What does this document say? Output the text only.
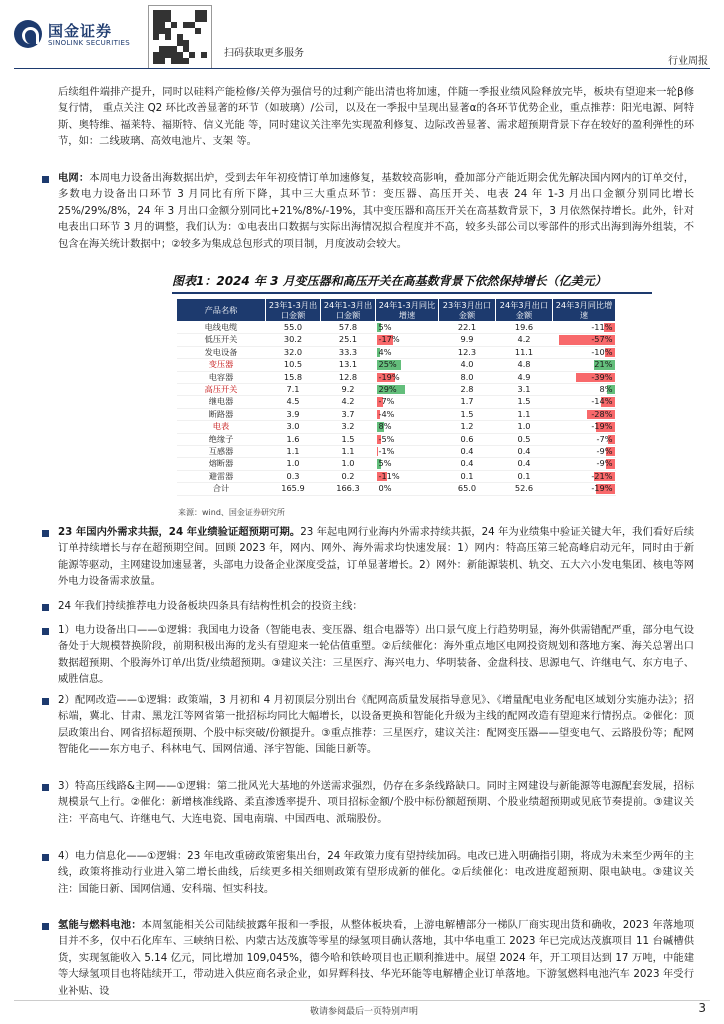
国金证券
SINOLINK SECURITIES
扫码获取更多服务
行业周报
后续组件端排产提升，同时以硅料产能检修/关停为强信号的过剩产能出清也将加速，伴随一季报业绩风险释放完毕，板块有望迎来一轮β修复行情， 重点关注 Q2 环比改善显著的环节（如玻璃）/公司，以及在一季报中呈现出显著α的各环节优势企业，重点推荐：阳光电源、阿特斯、奥特维、福莱特、福斯特、信义光能 等，同时建议关注率先实现盈利修复、边际改善显著、需求超预期背景下存在较好的盈利弹性的环节，如：二线玻璃、高效电池片、支架 等。
电网：本周电力设备出海数据出炉，受到去年年初疫情订单加速修复，基数较高影响，叠加部分产能近期会优先解决国内网内的订单交付，多数电力设备出口环节 3 月同比有所下降，其中三大重点环节：变压器、高压开关、电表 24 年 1-3 月出口金额分别同比增长 25%/29%/8%，24 年 3 月出口金额分别同比+21%/8%/-19%，其中变压器和高压开关在高基数背景下，3 月依然保持增长。此外，针对电表出口环节 3 月的调整，我们认为：①电表出口数据与实际出海情况拟合程度并不高，较多头部公司以零部件的形式出海到海外组装，不包含在海关统计数据中；②较多为集成总包形式的项目制，月度波动会较大。
图表1：2024 年 3 月变压器和高压开关在高基数背景下依然保持增长（亿美元）
产品名称	23年1-3月出口金额	24年1-3月出口金额	24年1-3月同比增速	23年3月出口金额	24年3月出口金额	24年3月同比增速
电线电缆	55.0	57.8	5%	22.1	19.6	-11%
低压开关	30.2	25.1	-17%	9.9	4.2	-57%
发电设备	32.0	33.3	4%	12.3	11.1	-10%
变压器	10.5	13.1	25%	4.0	4.8	21%
电容器	15.8	12.8	-19%	8.0	4.9	-39%
高压开关	7.1	9.2	29%	2.8	3.1	8%
继电器	4.5	4.2	-7%	1.7	1.5	-14%
断路器	3.9	3.7	-4%	1.5	1.1	-28%
电表	3.0	3.2	8%	1.2	1.0	-19%
绝缘子	1.6	1.5	-5%	0.6	0.5	-7%
互感器	1.1	1.1	-1%	0.4	0.4	-9%
熔断器	1.0	1.0	5%	0.4	0.4	-9%
避雷器	0.3	0.2	-11%	0.1	0.1	-21%
合计	165.9	166.3	0%	65.0	52.6	-19%
来源：wind、国金证券研究所
23 年国内外需求共振，24 年业绩验证超预期可期。23 年起电网行业海内外需求持续共振，24 年为业绩集中验证关键大年，我们看好后续订单持续增长与存在超预期空间。回顾 2023 年，网内、网外、海外需求均快速发展：1）网内：特高压第三轮高峰启动元年，同时由于新能源等驱动，主网建设加速显著，头部电力设备企业深度受益，订单显著增长。2）网外：新能源装机、轨交、五大六小发电集团、核电等网外电力设备需求放量。
24 年我们持续推荐电力设备板块四条具有结构性机会的投资主线：
1）电力设备出口——①逻辑：我国电力设备（智能电表、变压器、组合电器等）出口景气度上行趋势明显，海外供需错配严重，部分电气设备处于大规模替换阶段，前期积极出海的龙头有望迎来一轮估值重塑。②后续催化：海外重点地区电网投资规划和落地方案、海关总署出口数据超预期、个股海外订单/出货/业绩超预期。③建议关注：三星医疗、海兴电力、华明装备、金盘科技、思源电气、许继电气、东方电子、威胜信息。
2）配网改造——①逻辑：政策端，3 月初和 4 月初顶层分别出台《配网高质量发展指导意见》、《增量配电业务配电区域划分实施办法》；招标端，冀北、甘肃、黑龙江等网省第一批招标均同比大幅增长，以设备更换和智能化升级为主线的配网改造有望迎来行情拐点。②催化：顶层政策出台、网省招标超预期、个股中标突破/份额提升。③重点推荐：三星医疗，建议关注：配网变压器——望变电气、云路股份等；配网智能化——东方电子、科林电气、国网信通、泽宇智能、国能日新等。
3）特高压线路&主网——①逻辑：第二批风光大基地的外送需求强烈，仍存在多条线路缺口。同时主网建设与新能源等电源配套发展，招标规模景气上行。②催化：新增核准线路、柔直渗透率提升、项目招标金额/个股中标份额超预期、个股业绩超预期或见底节奏提前。③建议关注：平高电气、许继电气、大连电瓷、国电南瑞、中国西电、派瑞股份。
4）电力信息化——①逻辑：23 年电改重磅政策密集出台，24 年政策力度有望持续加码。电改已进入明确指引期，将成为未来至少两年的主线，政策将推动行业进入第二增长曲线，后续更多相关细则政策有望形成新的催化。②后续催化：电改进度超预期、限电缺电。③建议关注：国能日新、国网信通、安科瑞、恒实科技。
氢能与燃料电池：本周氢能相关公司陆续披露年报和一季报，从整体板块看，上游电解槽部分一梯队厂商实现出货和确收，2023 年落地项目并不多，仅中石化库车、三峡纳日松、内蒙古达茂旗等零星的绿氢项目确认落地，其中华电重工 2023 年已完成达茂旗项目 11 台碱槽供货，实现氢能收入 5.14 亿元，同比增加 109,045%，德今哈和铁岭项目也正顺利推进中。展望 2024 年，开工项目达到 17 万吨，中能建等大绿氢项目也将陆续开工，带动进入供应商名录企业，如昇辉科技、华光环能等电解槽企业订单落地。下游氢燃料电池汽车 2023 年受行业补贴、设
敬请参阅最后一页特别声明	3
